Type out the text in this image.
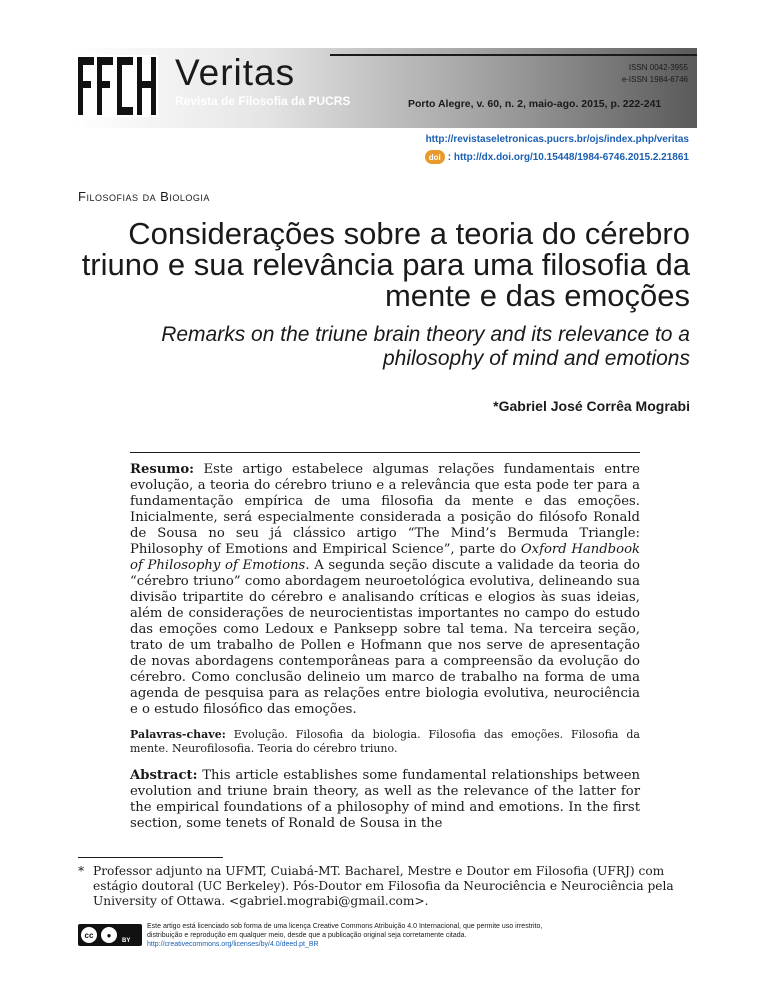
Veritas
Revista de Filosofia da PUCRS
ISSN 0042-3955
e-ISSN 1984-6746
Porto Alegre, v. 60, n. 2, maio-ago. 2015, p. 222-241
http://revistaseletronicas.pucrs.br/ojs/index.php/veritas
doi : http://dx.doi.org/10.15448/1984-6746.2015.2.21861
Filosofias da Biologia
Considerações sobre a teoria do cérebro triuno e sua relevância para uma filosofia da mente e das emoções
Remarks on the triune brain theory and its relevance to a philosophy of mind and emotions
*Gabriel José Corrêa Mograbi
Resumo: Este artigo estabelece algumas relações fundamentais entre evolução, a teoria do cérebro triuno e a relevância que esta pode ter para a fundamentação empírica de uma filosofia da mente e das emoções. Inicialmente, será especialmente considerada a posição do filósofo Ronald de Sousa no seu já clássico artigo “The Mind’s Bermuda Triangle: Philosophy of Emotions and Empirical Science”, parte do Oxford Handbook of Philosophy of Emotions. A segunda seção discute a validade da teoria do “cérebro triuno” como abordagem neuroetológica evolutiva, delineando sua divisão tripartite do cérebro e analisando críticas e elogios às suas ideias, além de considerações de neurocientistas importantes no campo do estudo das emoções como Ledoux e Panksepp sobre tal tema. Na terceira seção, trato de um trabalho de Pollen e Hofmann que nos serve de apresentação de novas abordagens contemporâneas para a compreensão da evolução do cérebro. Como conclusão delineio um marco de trabalho na forma de uma agenda de pesquisa para as relações entre biologia evolutiva, neurociência e o estudo filosófico das emoções.
Palavras-chave: Evolução. Filosofia da biologia. Filosofia das emoções. Filosofia da mente. Neurofilosofia. Teoria do cérebro triuno.
Abstract: This article establishes some fundamental relationships between evolution and triune brain theory, as well as the relevance of the latter for the empirical foundations of a philosophy of mind and emotions. In the first section, some tenets of Ronald de Sousa in the
* Professor adjunto na UFMT, Cuiabá-MT. Bacharel, Mestre e Doutor em Filosofia (UFRJ) com estágio doutoral (UC Berkeley). Pós-Doutor em Filosofia da Neurociência e Neurociência pela University of Ottawa. <gabriel.mograbi@gmail.com>.
cc	●
BY
Este artigo está licenciado sob forma de uma licença Creative Commons Atribuição 4.0 Internacional, que permite uso irrestrito, distribuição e reprodução em qualquer meio, desde que a publicação original seja corretamente citada. http://creativecommons.org/licenses/by/4.0/deed.pt_BR
